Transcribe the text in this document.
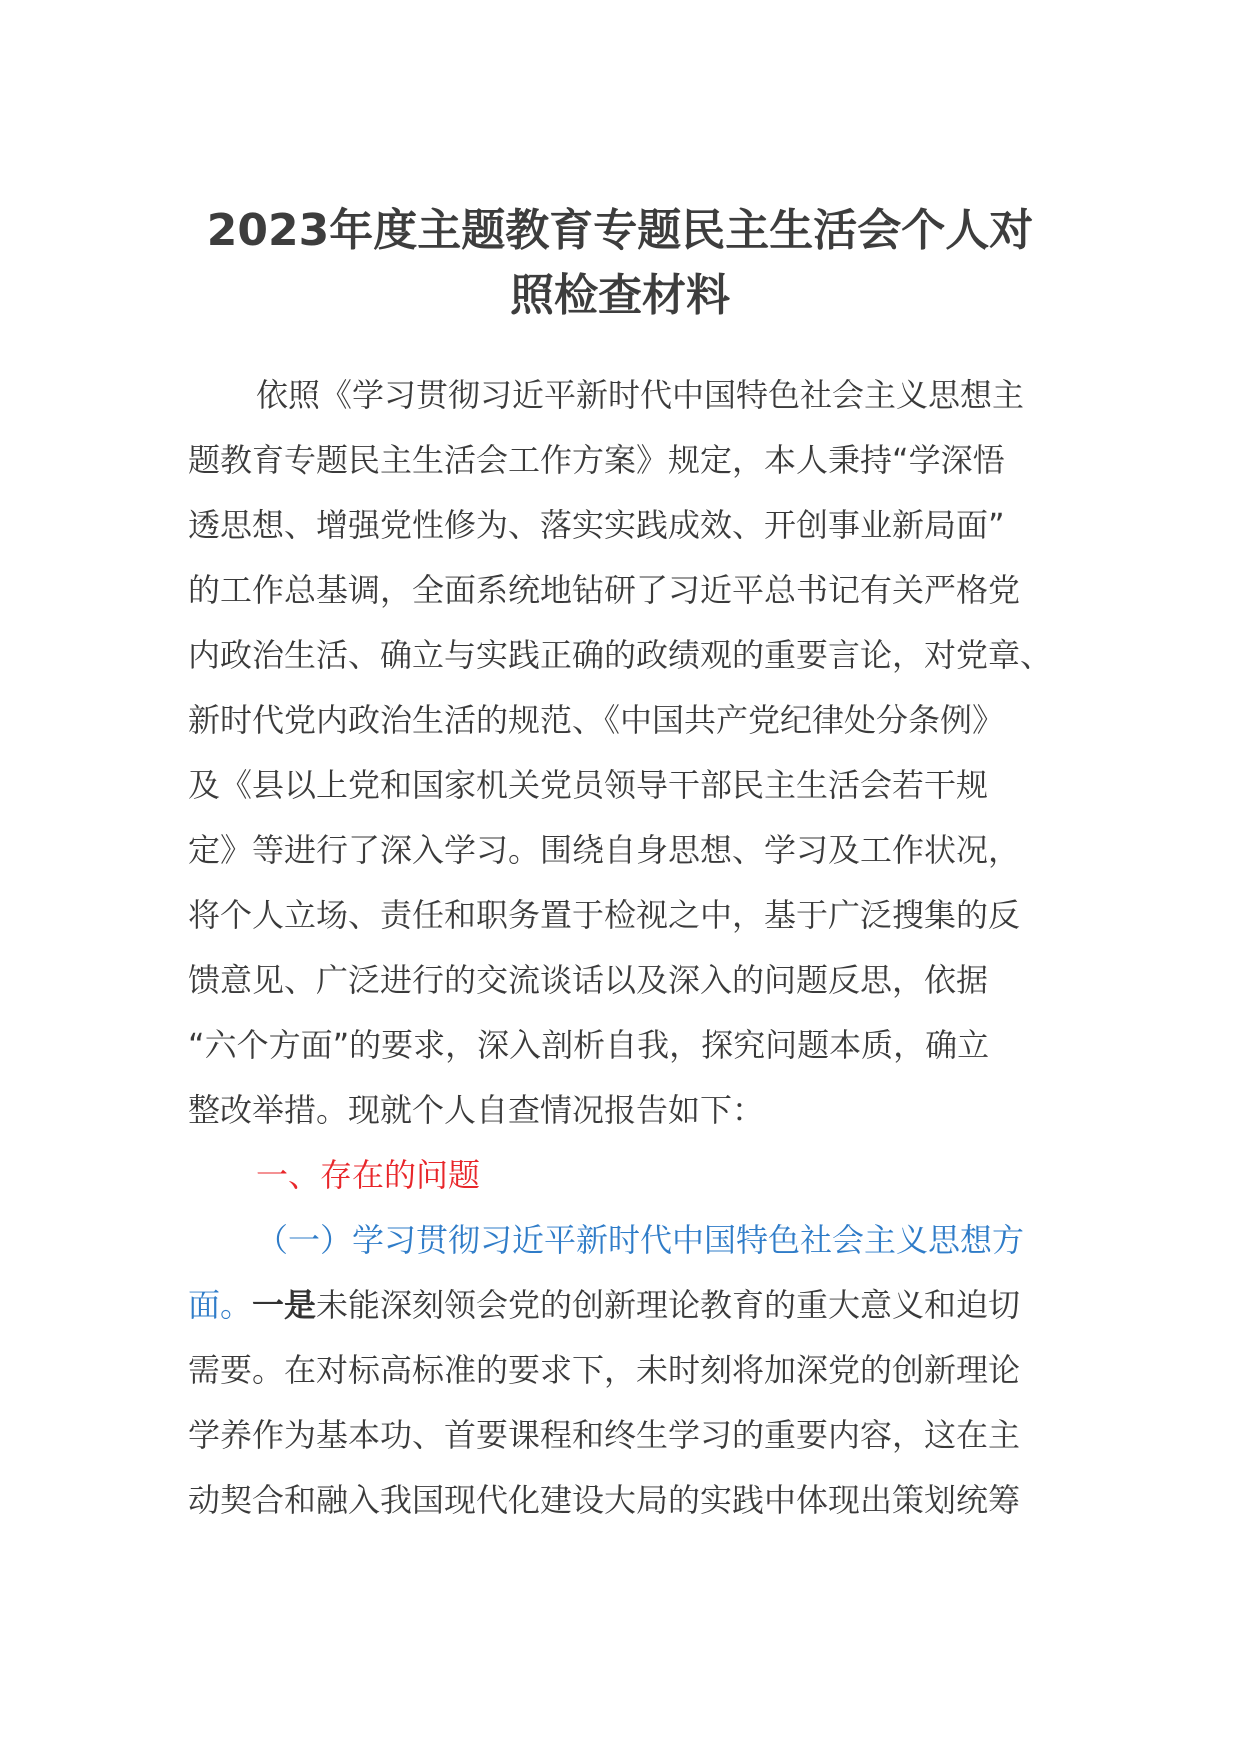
2023年度主题教育专题民主生活会个人对
照检查材料
依照《学习贯彻习近平新时代中国特色社会主义思想主
题教育专题民主生活会工作方案》规定，本人秉持“学深悟
透思想、增强党性修为、落实实践成效、开创事业新局面”
的工作总基调，全面系统地钻研了习近平总书记有关严格党
内政治生活、确立与实践正确的政绩观的重要言论，对党章、
新时代党内政治生活的规范、《中国共产党纪律处分条例》
及《县以上党和国家机关党员领导干部民主生活会若干规
定》等进行了深入学习。围绕自身思想、学习及工作状况，
将个人立场、责任和职务置于检视之中，基于广泛搜集的反
馈意见、广泛进行的交流谈话以及深入的问题反思，依据
“六个方面”的要求，深入剖析自我，探究问题本质，确立
整改举措。现就个人自查情况报告如下：
一、存在的问题
（一）学习贯彻习近平新时代中国特色社会主义思想方
面。一是未能深刻领会党的创新理论教育的重大意义和迫切
需要。在对标高标准的要求下，未时刻将加深党的创新理论
学养作为基本功、首要课程和终生学习的重要内容，这在主
动契合和融入我国现代化建设大局的实践中体现出策划统筹
